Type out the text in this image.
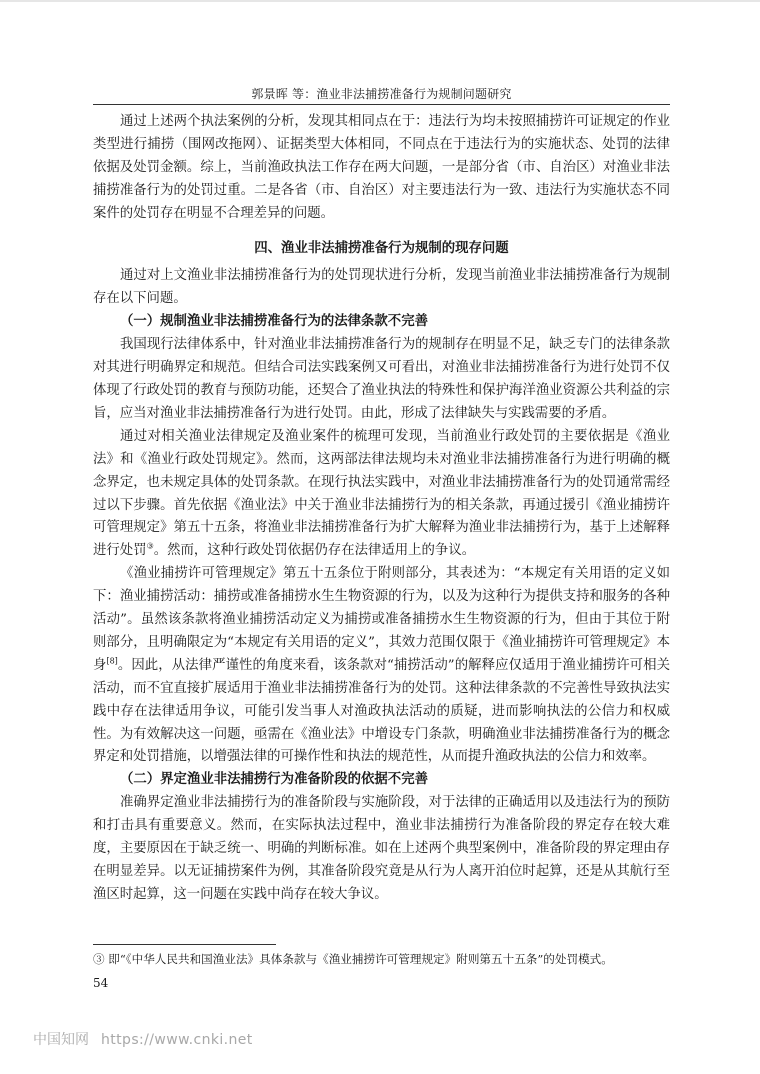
郭景晖 等：渔业非法捕捞准备行为规制问题研究

通过上述两个执法案例的分析，发现其相同点在于：违法行为均未按照捕捞许可证规定的作业类型进行捕捞（围网改拖网）、证据类型大体相同，不同点在于违法行为的实施状态、处罚的法律依据及处罚金额。综上，当前渔政执法工作存在两大问题，一是部分省（市、自治区）对渔业非法捕捞准备行为的处罚过重。二是各省（市、自治区）对主要违法行为一致、违法行为实施状态不同案件的处罚存在明显不合理差异的问题。

四、渔业非法捕捞准备行为规制的现存问题

通过对上文渔业非法捕捞准备行为的处罚现状进行分析，发现当前渔业非法捕捞准备行为规制存在以下问题。

（一）规制渔业非法捕捞准备行为的法律条款不完善

我国现行法律体系中，针对渔业非法捕捞准备行为的规制存在明显不足，缺乏专门的法律条款对其进行明确界定和规范。但结合司法实践案例又可看出，对渔业非法捕捞准备行为进行处罚不仅体现了行政处罚的教育与预防功能，还契合了渔业执法的特殊性和保护海洋渔业资源公共利益的宗旨，应当对渔业非法捕捞准备行为进行处罚。由此，形成了法律缺失与实践需要的矛盾。

通过对相关渔业法律规定及渔业案件的梳理可发现，当前渔业行政处罚的主要依据是《渔业法》和《渔业行政处罚规定》。然而，这两部法律法规均未对渔业非法捕捞准备行为进行明确的概念界定，也未规定具体的处罚条款。在现行执法实践中，对渔业非法捕捞准备行为的处罚通常需经过以下步骤。首先依据《渔业法》中关于渔业非法捕捞行为的相关条款，再通过援引《渔业捕捞许可管理规定》第五十五条，将渔业非法捕捞准备行为扩大解释为渔业非法捕捞行为，基于上述解释进行处罚③。然而，这种行政处罚依据仍存在法律适用上的争议。

《渔业捕捞许可管理规定》第五十五条位于附则部分，其表述为：“本规定有关用语的定义如下：渔业捕捞活动：捕捞或准备捕捞水生生物资源的行为，以及为这种行为提供支持和服务的各种活动”。虽然该条款将渔业捕捞活动定义为捕捞或准备捕捞水生生物资源的行为，但由于其位于附则部分，且明确限定为“本规定有关用语的定义”，其效力范围仅限于《渔业捕捞许可管理规定》本身[8]。因此，从法律严谨性的角度来看，该条款对“捕捞活动”的解释应仅适用于渔业捕捞许可相关活动，而不宜直接扩展适用于渔业非法捕捞准备行为的处罚。这种法律条款的不完善性导致执法实践中存在法律适用争议，可能引发当事人对渔政执法活动的质疑，进而影响执法的公信力和权威性。为有效解决这一问题，亟需在《渔业法》中增设专门条款，明确渔业非法捕捞准备行为的概念界定和处罚措施，以增强法律的可操作性和执法的规范性，从而提升渔政执法的公信力和效率。

（二）界定渔业非法捕捞行为准备阶段的依据不完善

准确界定渔业非法捕捞行为的准备阶段与实施阶段，对于法律的正确适用以及违法行为的预防和打击具有重要意义。然而，在实际执法过程中，渔业非法捕捞行为准备阶段的界定存在较大难度，主要原因在于缺乏统一、明确的判断标准。如在上述两个典型案例中，准备阶段的界定理由存在明显差异。以无证捕捞案件为例，其准备阶段究竟是从行为人离开泊位时起算，还是从其航行至渔区时起算，这一问题在实践中尚存在较大争议。

③ 即“《中华人民共和国渔业法》具体条款与《渔业捕捞许可管理规定》附则第五十五条”的处罚模式。
54
中国知网 https://www.cnki.net
